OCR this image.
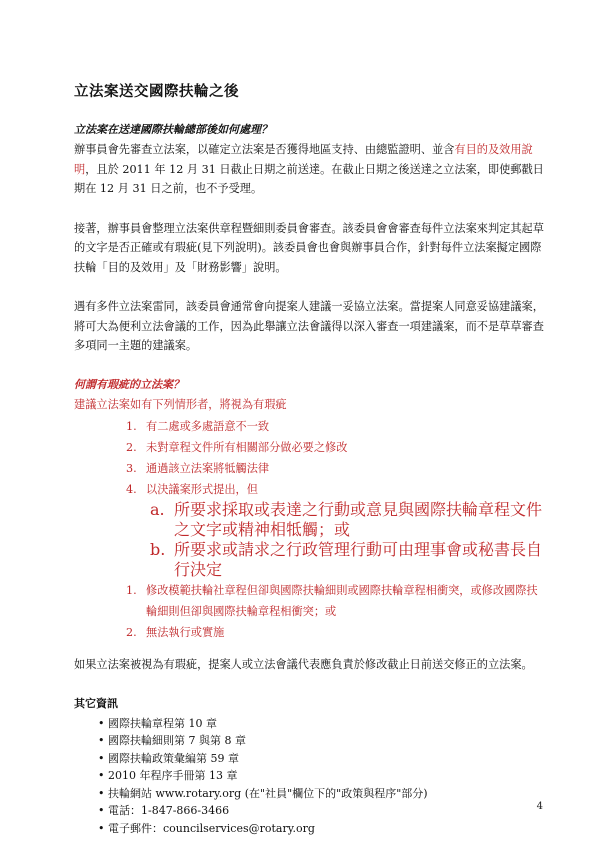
立法案送交國際扶輪之後
立法案在送達國際扶輪總部後如何處理？

辦事員會先審查立法案，以確定立法案是否獲得地區支持、由總監證明、並含有目的及效用說明，且於 2011 年 12 月 31 日截止日期之前送達。在截止日期之後送達之立法案，即使郵戳日期在 12 月 31 日之前，也不予受理。

接著，辦事員會整理立法案供章程暨細則委員會審查。該委員會會審查每件立法案來判定其起草的文字是否正確或有瑕疵(見下列說明)。該委員會也會與辦事員合作，針對每件立法案擬定國際扶輪「目的及效用」及「財務影響」說明。

遇有多件立法案雷同，該委員會通常會向提案人建議一妥協立法案。當提案人同意妥協建議案，將可大為便利立法會議的工作，因為此舉讓立法會議得以深入審查一項建議案，而不是草草審查多項同一主題的建議案。

何謂有瑕疵的立法案？

建議立法案如有下列情形者，將視為有瑕疵

1. 有二處或多處語意不一致
2. 未對章程文件所有相關部分做必要之修改
3. 通過該立法案將牴觸法律
4. 以決議案形式提出，但
a. 所要求採取或表達之行動或意見與國際扶輪章程文件之文字或精神相牴觸；或
b. 所要求或請求之行政管理行動可由理事會或秘書長自行決定
1. 修改模範扶輪社章程但卻與國際扶輪細則或國際扶輪章程相衝突，或修改國際扶輪細則但卻與國際扶輪章程相衝突；或
2. 無法執行或實施

如果立法案被視為有瑕疵，提案人或立法會議代表應負責於修改截止日前送交修正的立法案。

其它資訊
• 國際扶輪章程第 10 章
• 國際扶輪細則第 7 與第 8 章
• 國際扶輪政策彙編第 59 章
• 2010 年程序手冊第 13 章
• 扶輪網站 www.rotary.org (在"社員"欄位下的"政策與程序"部分)
• 電話：1-847-866-3466
• 電子郵件：councilservices@rotary.org
4
